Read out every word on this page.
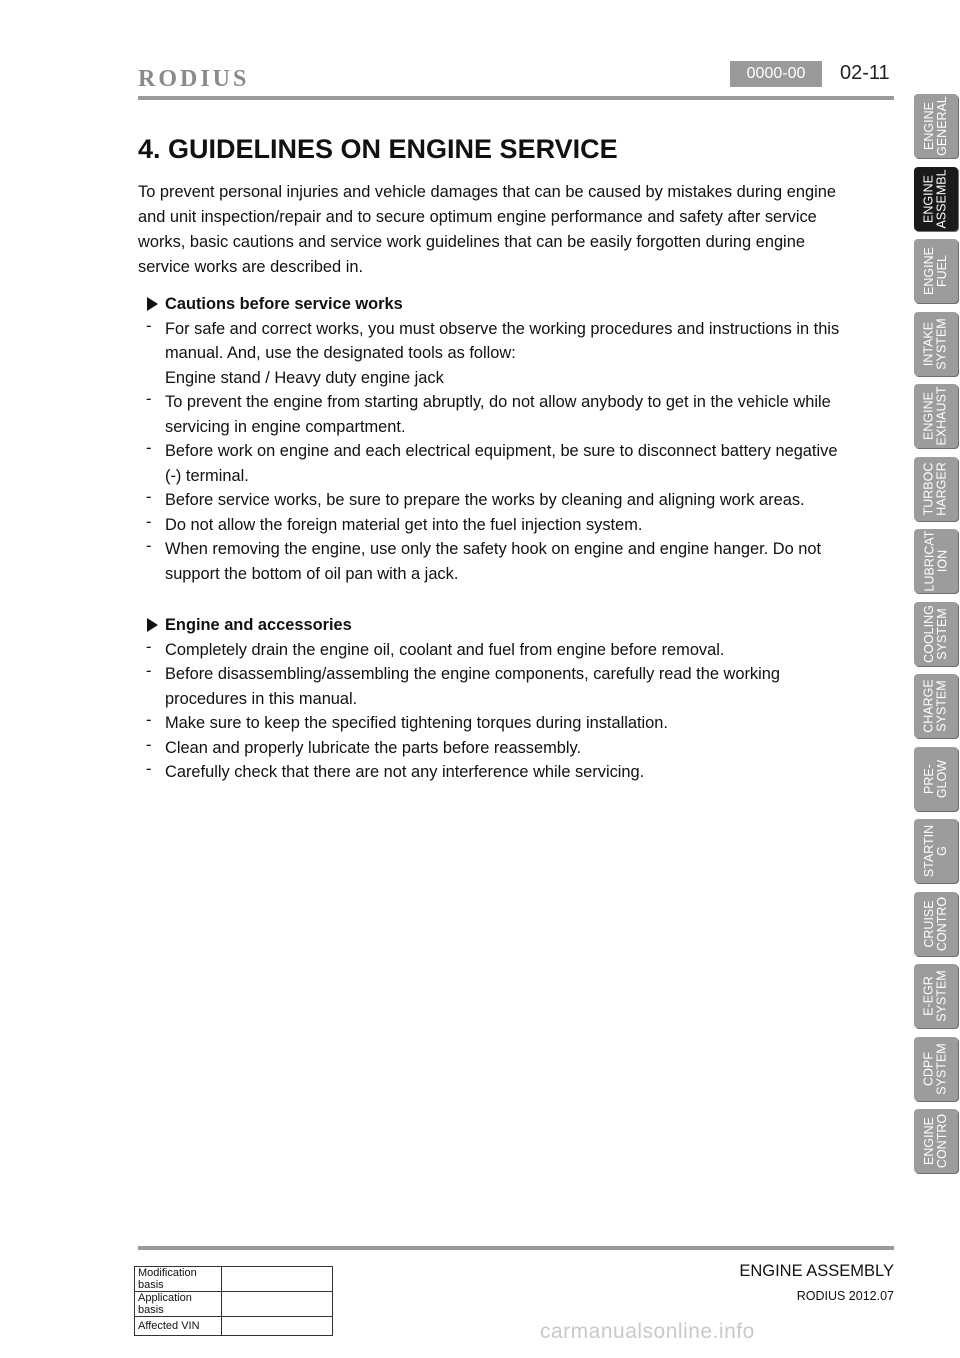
RODIUS	0000-00	02-11
4. GUIDELINES ON ENGINE SERVICE

To prevent personal injuries and vehicle damages that can be caused by mistakes during engine and unit inspection/repair and to secure optimum engine performance and safety after service works, basic cautions and service work guidelines that can be easily forgotten during engine service works are described in.

Cautions before service works
- For safe and correct works, you must observe the working procedures and instructions in this manual. And, use the designated tools as follow:
Engine stand / Heavy duty engine jack
- To prevent the engine from starting abruptly, do not allow anybody to get in the vehicle while servicing in engine compartment.
- Before work on engine and each electrical equipment, be sure to disconnect battery negative (-) terminal.
- Before service works, be sure to prepare the works by cleaning and aligning work areas.
- Do not allow the foreign material get into the fuel injection system.
- When removing the engine, use only the safety hook on engine and engine hanger. Do not support the bottom of oil pan with a jack.
Engine and accessories
- Completely drain the engine oil, coolant and fuel from engine before removal.
- Before disassembling/assembling the engine components, carefully read the working procedures in this manual.
- Make sure to keep the specified tightening torques during installation.
- Clean and properly lubricate the parts before reassembly.
- Carefully check that there are not any interference while servicing.
ENGINE
GENERAL
ENGINE
ASSEMBL
ENGINE
FUEL
INTAKE
SYSTEM
ENGINE
EXHAUST
TURBOC
HARGER
LUBRICAT
ION
COOLING
SYSTEM
CHARGE
SYSTEM
PRE-
GLOW
STARTIN
G
CRUISE
CONTRO
E-EGR
SYSTEM
CDPF
SYSTEM
ENGINE
CONTRO
Modification basis	
Application basis	
Affected VIN	
ENGINE ASSEMBLY
RODIUS 2012.07
carmanualsonline.info
